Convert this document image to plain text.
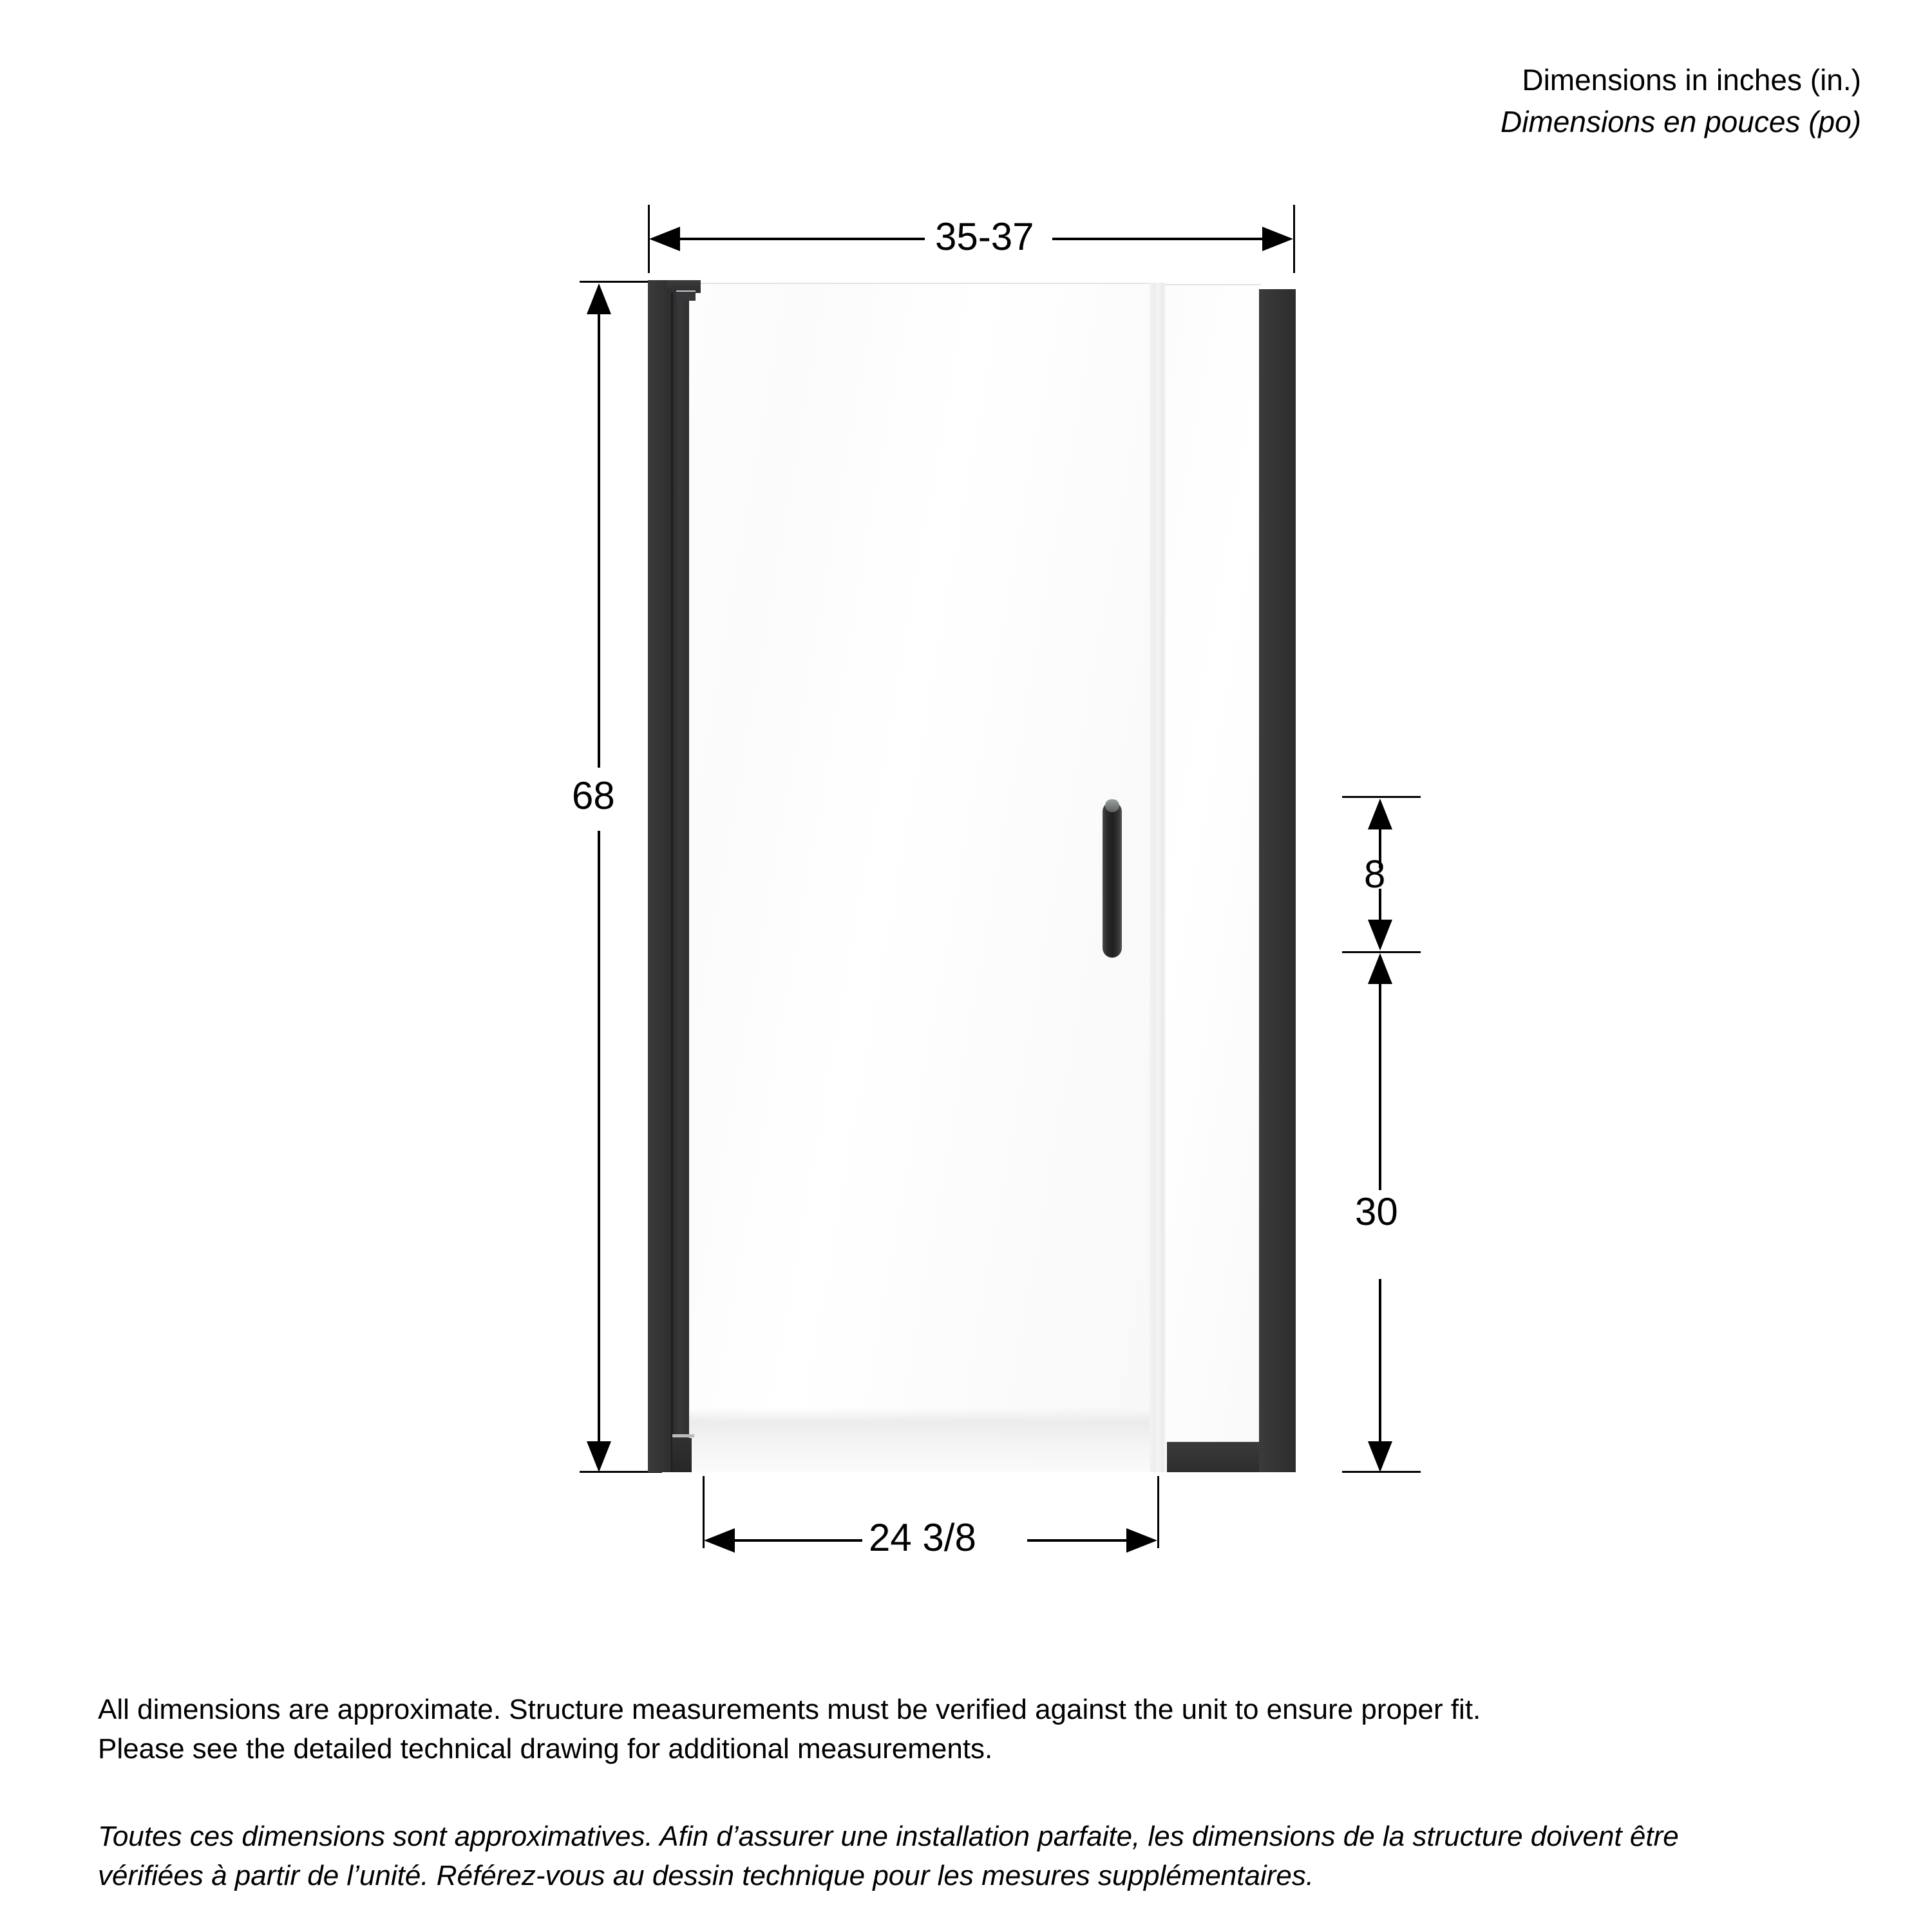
Dimensions in inches (in.)
Dimensions en pouces (po)
35-37
68
8
30
24 3/8

All dimensions are approximate. Structure measurements must be verified against the unit to ensure proper fit.

Please see the detailed technical drawing for additional measurements.

Toutes ces dimensions sont approximatives. Afin d’assurer une installation parfaite, les dimensions de la structure doivent être

vérifiées à partir de l’unité. Référez-vous au dessin technique pour les mesures supplémentaires.
